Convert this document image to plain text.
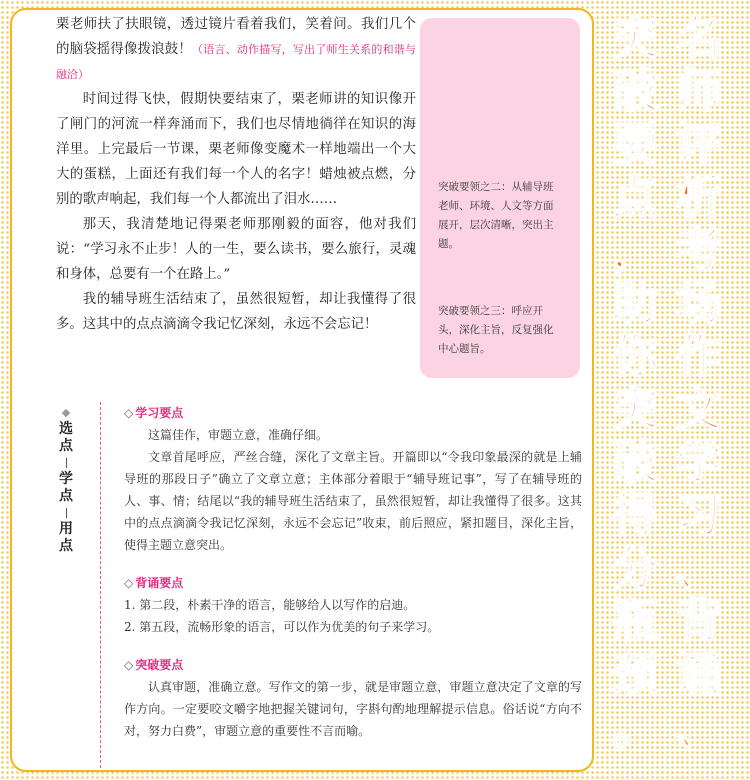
栗老师扶了扶眼镜，透过镜片看着我们，笑着问。我们几个的脑袋摇得像拨浪鼓！（语言、动作描写，写出了师生关系的和谐与融洽）

时间过得飞快，假期快要结束了，栗老师讲的知识像开了闸门的河流一样奔涌而下，我们也尽情地徜徉在知识的海洋里。上完最后一节课，栗老师像变魔术一样地端出一个大大的蛋糕，上面还有我们每一个人的名字！蜡烛被点燃，分别的歌声响起，我们每一个人都流出了泪水……

那天，我清楚地记得栗老师那刚毅的面容，他对我们说：“学习永不止步！人的一生，要么读书，要么旅行，灵魂和身体，总要有一个在路上。”

我的辅导班生活结束了，虽然很短暂，却让我懂得了很多。这其中的点点滴滴令我记忆深刻，永远不会忘记！

突破要领之二：从辅导班老师、环境、人文等方面展开，层次清晰，突出主题。
突破要领之三：呼应开头，深化主旨，反复强化中心题旨。
◆
选
点
学
点
用
点

◇ 学习要点

这篇佳作，审题立意，准确仔细。

文章首尾呼应，严丝合缝，深化了文章主旨。开篇即以“令我印象最深的就是上辅导班的那段日子”确立了文章立意；主体部分着眼于“辅导班记事”，写了在辅导班的人、事、情；结尾以“我的辅导班生活结束了，虽然很短暂，却让我懂得了很多。这其中的点点滴滴令我记忆深刻，永远不会忘记”收束，前后照应，紧扣题目，深化主旨，使得主题立意突出。

◇ 背诵要点

1. 第二段，朴素干净的语言，能够给人以写作的启迪。

2. 第五段，流畅形象的语言，可以作为优美的句子来学习。

◇ 突破要点

认真审题，准确立意。写作文的第一步，就是审题立意，审题立意决定了文章的写作方向。一定要咬文嚼字地把握关键词句，字斟句酌地理解提示信息。俗话说“方向不对，努力白费”，审题立意的重要性不言而喻。

名
师
评
析
考
场
作
文
学
习
、
背
诵
、
突
破
要
点
，
助
你
突
破
得
分
瓶
颈
。
